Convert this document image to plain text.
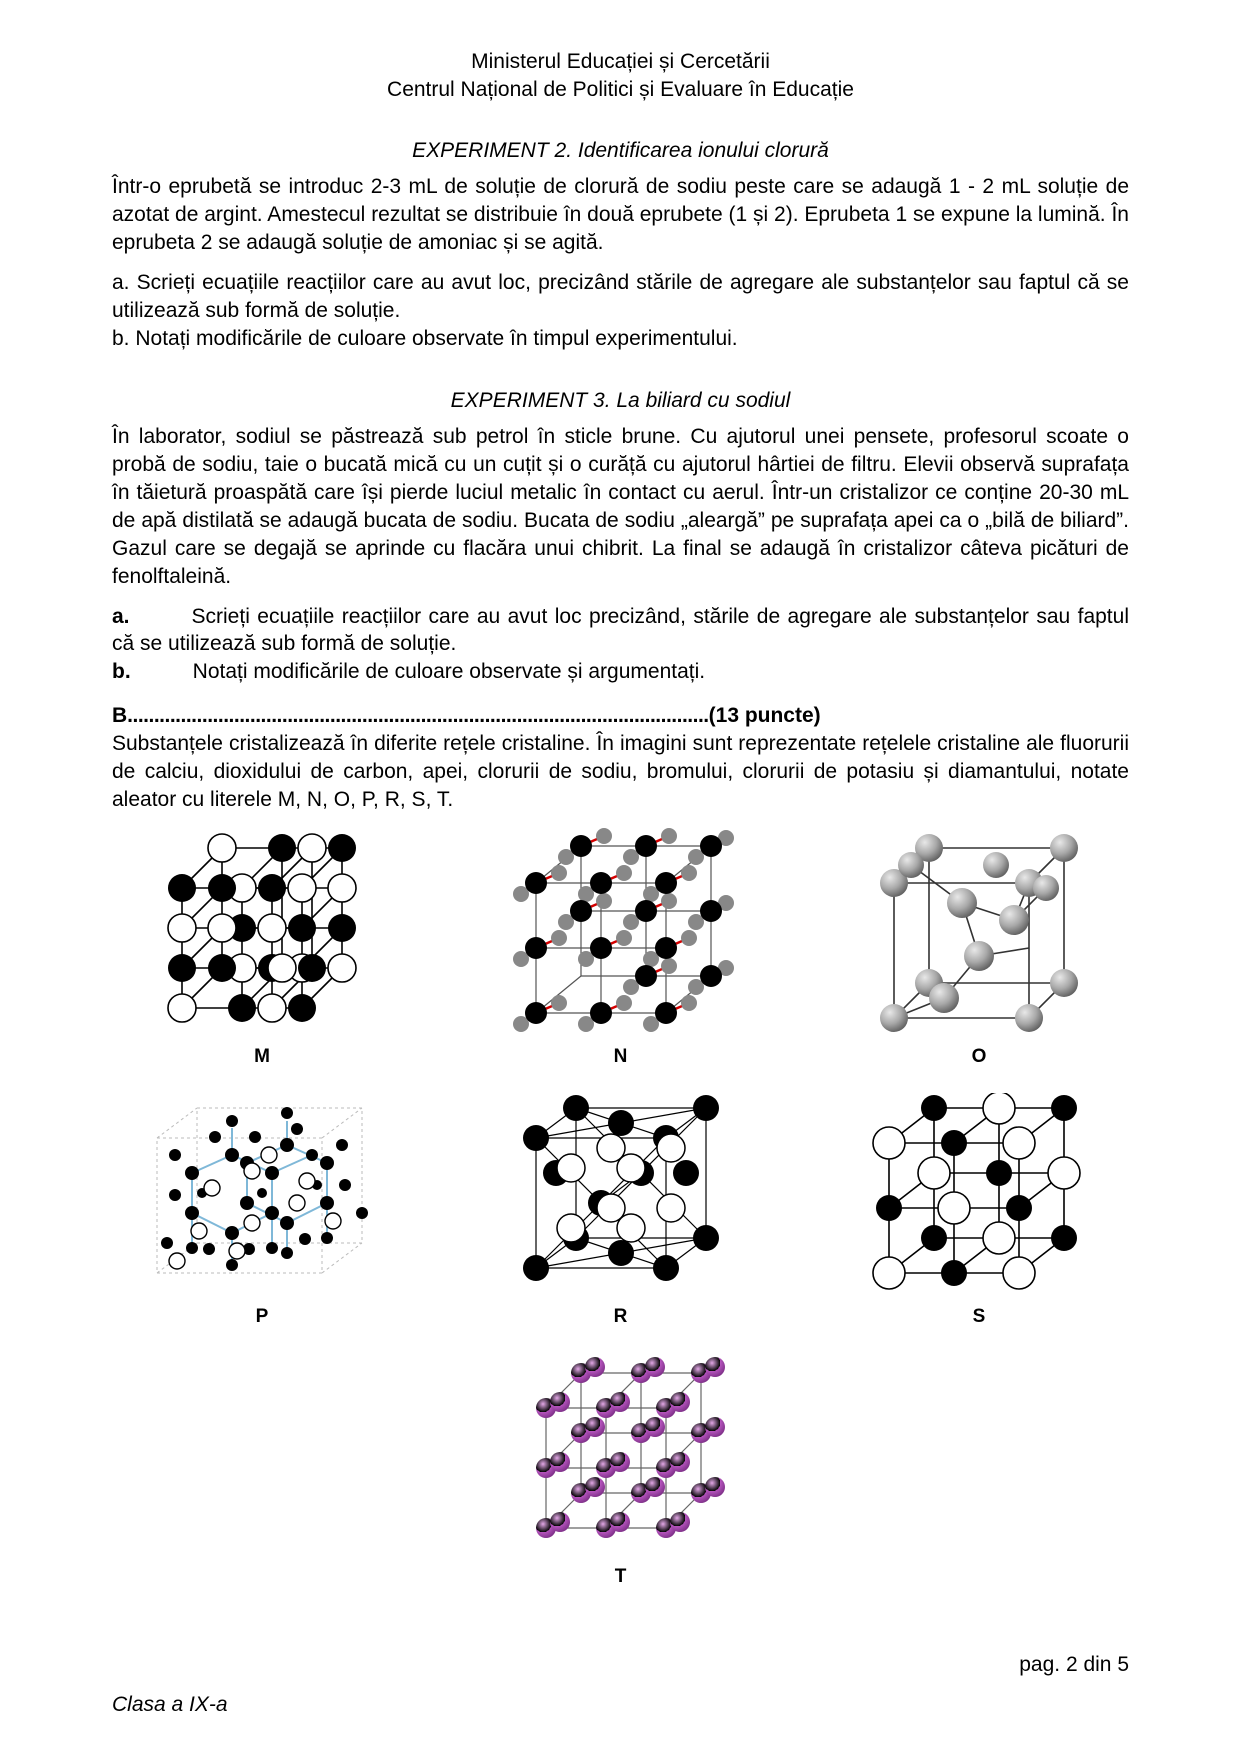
Ministerul Educației și Cercetării
Centrul Național de Politici și Evaluare în Educație
EXPERIMENT 2. Identificarea ionului clorură

Într-o eprubetă se introduc 2-3 mL de soluție de clorură de sodiu peste care se adaugă 1 - 2 mL soluție de azotat de argint. Amestecul rezultat se distribuie în două eprubete (1 și 2). Eprubeta 1 se expune la lumină. În eprubeta 2 se adaugă soluție de amoniac și se agită.

a. Scrieți ecuațiile reacțiilor care au avut loc, precizând stările de agregare ale substanțelor sau faptul că se utilizează sub formă de soluție.

b. Notați modificările de culoare observate în timpul experimentului.

EXPERIMENT 3. La biliard cu sodiul

În laborator, sodiul se păstrează sub petrol în sticle brune. Cu ajutorul unei pensete, profesorul scoate o probă de sodiu, taie o bucată mică cu un cuțit și o curăță cu ajutorul hârtiei de filtru. Elevii observă suprafața în tăietură proaspătă care își pierde luciul metalic în contact cu aerul. Într-un cristalizor ce conține 20-30 mL de apă distilată se adaugă bucata de sodiu. Bucata de sodiu „aleargă” pe suprafața apei ca o „bilă de biliard”. Gazul care se degajă se aprinde cu flacăra unui chibrit. La final se adaugă în cristalizor câteva picături de fenolftaleină.

a.	Scrieți ecuațiile reacțiilor care au avut loc precizând, stările de agregare ale substanțelor sau faptul că se utilizează sub formă de soluție.

b.	Notați modificările de culoare observate și argumentați.

B.............................................................................................................(13 puncte)

Substanțele cristalizează în diferite rețele cristaline. În imagini sunt reprezentate rețelele cristaline ale fluorurii de calciu, dioxidului de carbon, apei, clorurii de sodiu, bromului, clorurii de potasiu și diamantului, notate aleator cu literele M, N, O, P, R, S, T.

M	N	O
P	R	S
T
pag. 2 din 5
Clasa a IX-a
